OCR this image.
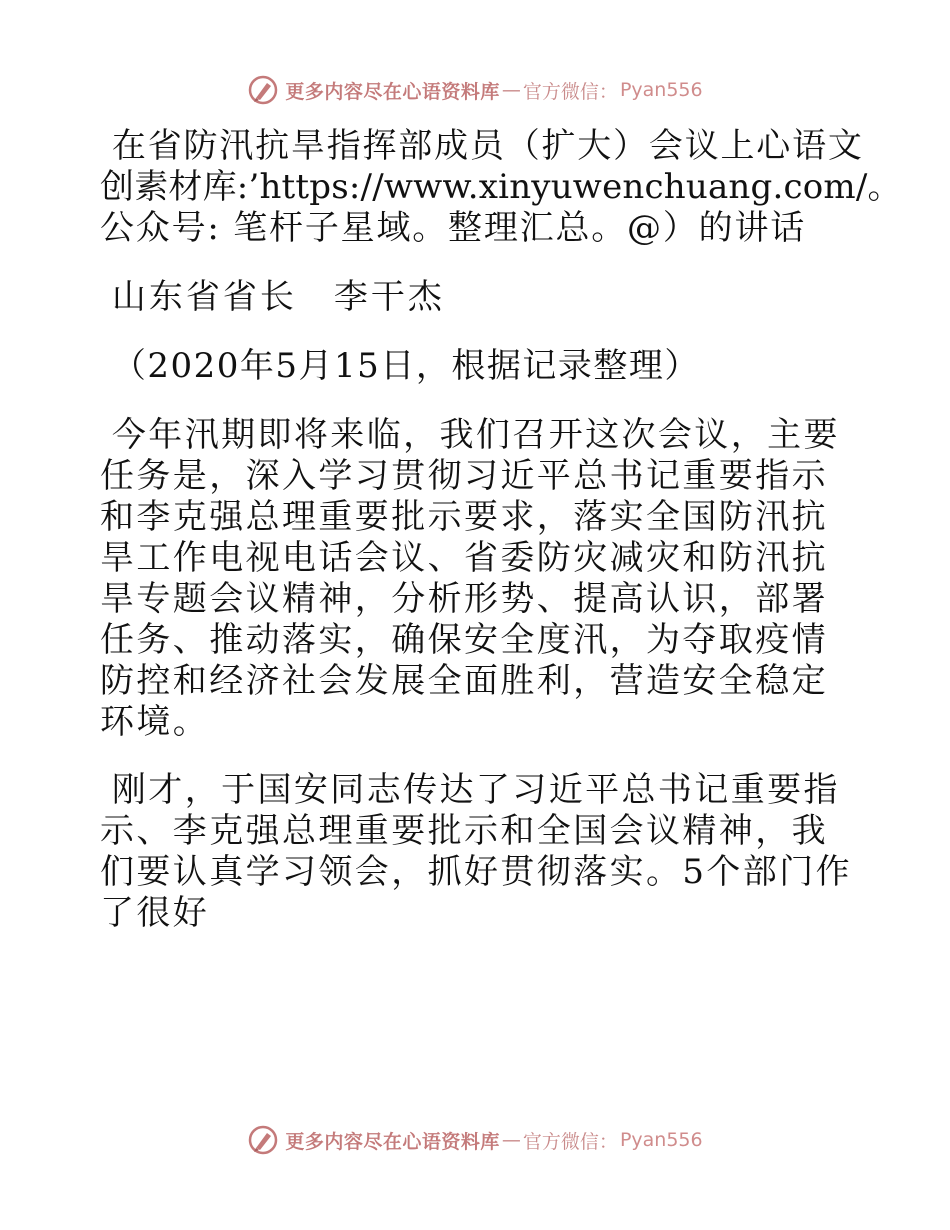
更多内容尽在心语资料库 — 官方微信： Pyan556

在省防汛抗旱指挥部成员（扩大）会议上心语文
创素材库:’https://www.xinyuwenchuang.com/。
公众号: 笔杆子星域。整理汇总。@）的讲话

山东省省长　李干杰

（2020年5月15日，根据记录整理）

今年汛期即将来临，我们召开这次会议，主要任务是，深入学习贯彻习近平总书记重要指示和李克强总理重要批示要求，落实全国防汛抗旱工作电视电话会议、省委防灾减灾和防汛抗旱专题会议精神，分析形势、提高认识，部署任务、推动落实，确保安全度汛，为夺取疫情防控和经济社会发展全面胜利，营造安全稳定环境。

刚才，于国安同志传达了习近平总书记重要指示、李克强总理重要批示和全国会议精神，我们要认真学习领会，抓好贯彻落实。5个部门作了很好

更多内容尽在心语资料库 — 官方微信： Pyan556
